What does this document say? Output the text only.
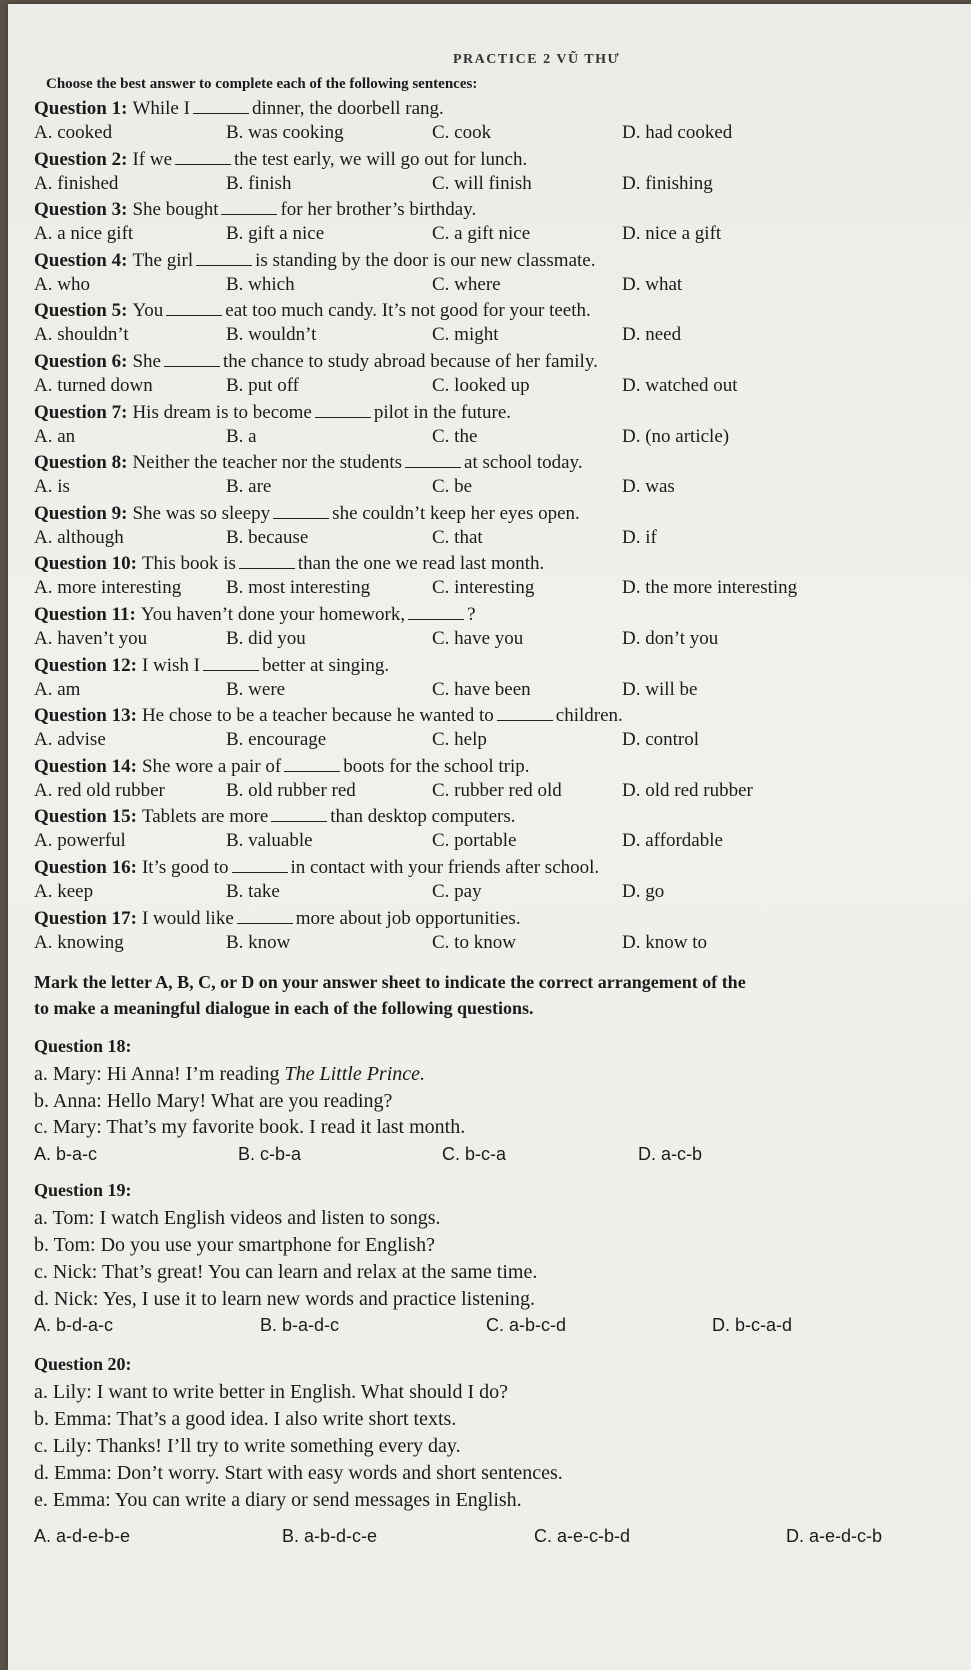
PRACTICE 2 VŨ THƯ
Choose the best answer to complete each of the following sentences:
Question 1: While I	dinner, the doorbell rang.
A. cooked	B. was cooking	C. cook	D. had cooked
Question 2: If we	the test early, we will go out for lunch.
A. finished	B. finish	C. will finish	D. finishing
Question 3: She bought	for her brother’s birthday.
A. a nice gift	B. gift a nice	C. a gift nice	D. nice a gift
Question 4: The girl	is standing by the door is our new classmate.
A. who	B. which	C. where	D. what
Question 5: You	eat too much candy. It’s not good for your teeth.
A. shouldn’t	B. wouldn’t	C. might	D. need
Question 6: She	the chance to study abroad because of her family.
A. turned down	B. put off	C. looked up	D. watched out
Question 7: His dream is to become	pilot in the future.
A. an	B. a	C. the	D. (no article)
Question 8: Neither the teacher nor the students	at school today.
A. is	B. are	C. be	D. was
Question 9: She was so sleepy	she couldn’t keep her eyes open.
A. although	B. because	C. that	D. if
Question 10: This book is	than the one we read last month.
A. more interesting B. most interesting	C. interesting	D. the more interesting
Question 11: You haven’t done your homework,	?
A. haven’t you	B. did you	C. have you	D. don’t you
Question 12: I wish I	better at singing.
A. am	B. were	C. have been	D. will be
Question 13: He chose to be a teacher because he wanted to	children.
A. advise	B. encourage	C. help	D. control
Question 14: She wore a pair of	boots for the school trip.
A. red old rubber	B. old rubber red	C. rubber red old	D. old red rubber
Question 15: Tablets are more	than desktop computers.
A. powerful	B. valuable	C. portable	D. affordable
Question 16: It’s good to	in contact with your friends after school.
A. keep	B. take	C. pay	D. go
Question 17: I would like	more about job opportunities.
A. knowing	B. know	C. to know	D. know to
Mark the letter A, B, C, or D on your answer sheet to indicate the correct arrangement of the
to make a meaningful dialogue in each of the following questions.
Question 18:
a. Mary: Hi Anna! I’m reading The Little Prince.
b. Anna: Hello Mary! What are you reading?
c. Mary: That’s my favorite book. I read it last month.
A. b-a-c	B. c-b-a	C. b-c-a	D. a-c-b
Question 19:
a. Tom: I watch English videos and listen to songs.
b. Tom: Do you use your smartphone for English?
c. Nick: That’s great! You can learn and relax at the same time.
d. Nick: Yes, I use it to learn new words and practice listening.
A. b-d-a-c	B. b-a-d-c	C. a-b-c-d	D. b-c-a-d
Question 20:
a. Lily: I want to write better in English. What should I do?
b. Emma: That’s a good idea. I also write short texts.
c. Lily: Thanks! I’ll try to write something every day.
d. Emma: Don’t worry. Start with easy words and short sentences.
e. Emma: You can write a diary or send messages in English.
A. a-d-e-b-e	B. a-b-d-c-e	C. a-e-c-b-d	D. a-e-d-c-b
